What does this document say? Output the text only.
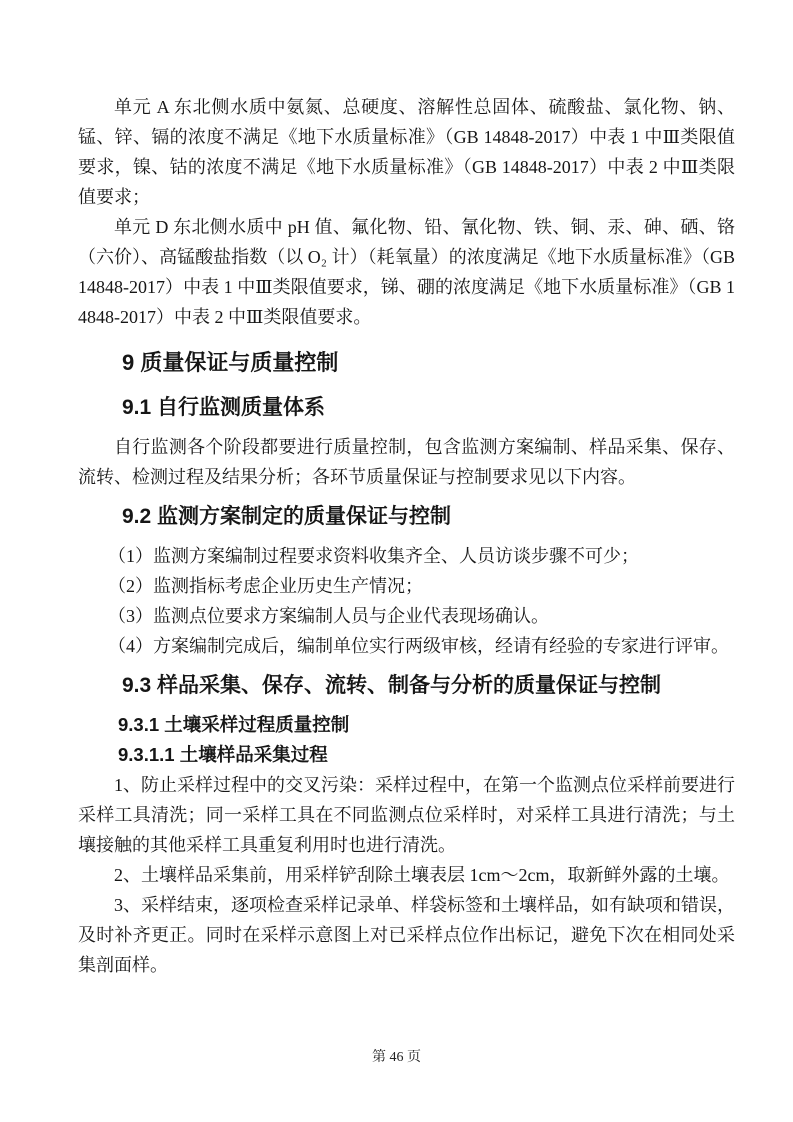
单元 A 东北侧水质中氨氮、总硬度、溶解性总固体、硫酸盐、氯化物、钠、锰、锌、镉的浓度不满足《地下水质量标准》（GB 14848-2017）中表 1 中Ⅲ类限值要求，镍、钴的浓度不满足《地下水质量标准》（GB 14848-2017）中表 2 中Ⅲ类限值要求；

单元 D 东北侧水质中 pH 值、氟化物、铅、氰化物、铁、铜、汞、砷、硒、铬（六价）、高锰酸盐指数（以 O₂ 计）（耗氧量）的浓度满足《地下水质量标准》（GB 14848-2017）中表 1 中Ⅲ类限值要求，锑、硼的浓度满足《地下水质量标准》（GB 14848-2017）中表 2 中Ⅲ类限值要求。

9 质量保证与质量控制
9.1 自行监测质量体系

自行监测各个阶段都要进行质量控制，包含监测方案编制、样品采集、保存、流转、检测过程及结果分析；各环节质量保证与控制要求见以下内容。

9.2 监测方案制定的质量保证与控制

（1）监测方案编制过程要求资料收集齐全、人员访谈步骤不可少；

（2）监测指标考虑企业历史生产情况；

（3）监测点位要求方案编制人员与企业代表现场确认。

（4）方案编制完成后，编制单位实行两级审核，经请有经验的专家进行评审。

9.3 样品采集、保存、流转、制备与分析的质量保证与控制
9.3.1 土壤采样过程质量控制
9.3.1.1 土壤样品采集过程

1、防止采样过程中的交叉污染：采样过程中，在第一个监测点位采样前要进行采样工具清洗；同一采样工具在不同监测点位采样时，对采样工具进行清洗；与土壤接触的其他采样工具重复利用时也进行清洗。

2、土壤样品采集前，用采样铲刮除土壤表层 1cm～2cm，取新鲜外露的土壤。

3、采样结束，逐项检查采样记录单、样袋标签和土壤样品，如有缺项和错误，及时补齐更正。同时在采样示意图上对已采样点位作出标记，避免下次在相同处采集剖面样。

第 46 页
